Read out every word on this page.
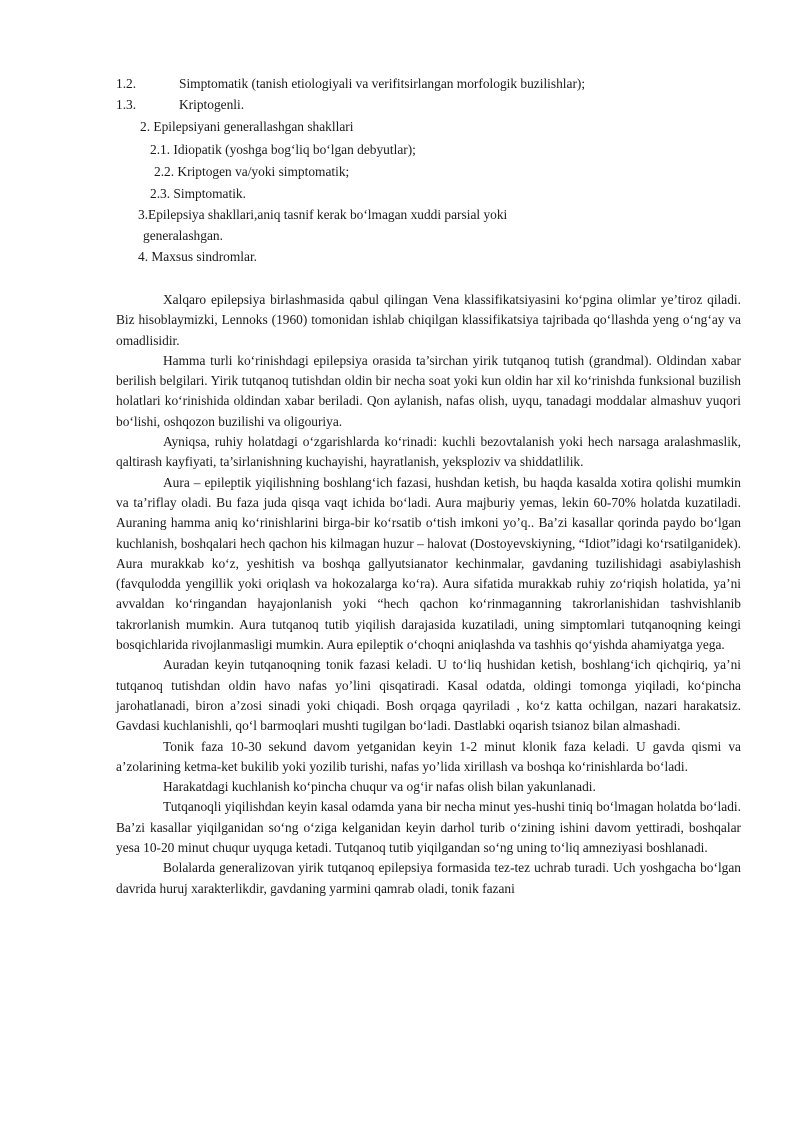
1.2.	Simptomatik (tanish etiologiyali va verifitsirlangan morfologik buzilishlar);
1.3.	Kriptogenli.
2. Epilepsiyani generallashgan shakllari
2.1. Idiopatik (yoshga bog‘liq bo‘lgan debyutlar);
2.2. Kriptogen va/yoki simptomatik;
2.3. Simptomatik.
3.Epilepsiya shakllari,aniq tasnif kerak bo‘lmagan xuddi parsial yoki
generalashgan.
4. Maxsus sindromlar.

Xalqaro epilepsiya birlashmasida qabul qilingan Vena klassifikatsiyasini ko‘pgina olimlar ye’tiroz qiladi. Biz hisoblaymizki, Lennoks (1960) tomonidan ishlab chiqilgan klassifikatsiya tajribada qo‘llashda yeng o‘ng‘ay va omadlisidir.

Hamma turli ko‘rinishdagi epilepsiya orasida ta’sirchan yirik tutqanoq tutish (grandmal). Oldindan xabar berilish belgilari. Yirik tutqanoq tutishdan oldin bir necha soat yoki kun oldin har xil ko‘rinishda funksional buzilish holatlari ko‘rinishida oldindan xabar beriladi. Qon aylanish, nafas olish, uyqu, tanadagi moddalar almashuv yuqori bo‘lishi, oshqozon buzilishi va oligouriya.

Ayniqsa, ruhiy holatdagi o‘zgarishlarda ko‘rinadi: kuchli bezovtalanish yoki hech narsaga aralashmaslik, qaltirash kayfiyati, ta’sirlanishning kuchayishi, hayratlanish, yeksploziv va shiddatlilik.

Aura – epileptik yiqilishning boshlang‘ich fazasi, hushdan ketish, bu haqda kasalda xotira qolishi mumkin va ta’riflay oladi. Bu faza juda qisqa vaqt ichida bo‘ladi. Aura majburiy yemas, lekin 60-70% holatda kuzatiladi. Auraning hamma aniq ko‘rinishlarini birga-bir ko‘rsatib o‘tish imkoni yo’q.. Ba’zi kasallar qorinda paydo bo‘lgan kuchlanish, boshqalari hech qachon his kilmagan huzur – halovat (Dostoyevskiyning, “Idiot”idagi ko‘rsatilganidek). Aura murakkab ko‘z, yeshitish va boshqa gallyutsianator kechinmalar, gavdaning tuzilishidagi asabiylashish (favqulodda yengillik yoki oriqlash va hokozalarga ko‘ra). Aura sifatida murakkab ruhiy zo‘riqish holatida, ya’ni avvaldan ko‘ringandan hayajonlanish yoki “hech qachon ko‘rinmaganning takrorlanishidan tashvishlanib takrorlanish mumkin. Aura tutqanoq tutib yiqilish darajasida kuzatiladi, uning simptomlari tutqanoqning keingi bosqichlarida rivojlanmasligi mumkin. Aura epileptik o‘choqni aniqlashda va tashhis qo‘yishda ahamiyatga yega.

Auradan keyin tutqanoqning tonik fazasi keladi. U to‘liq hushidan ketish, boshlang‘ich qichqiriq, ya’ni tutqanoq tutishdan oldin havo nafas yo’lini qisqatiradi. Kasal odatda, oldingi tomonga yiqiladi, ko‘pincha jarohatlanadi, biron a’zosi sinadi yoki chiqadi. Bosh orqaga qayriladi , ko‘z katta ochilgan, nazari harakatsiz. Gavdasi kuchlanishli, qo‘l barmoqlari mushti tugilgan bo‘ladi. Dastlabki oqarish tsianoz bilan almashadi.

Tonik faza 10-30 sekund davom yetganidan keyin 1-2 minut klonik faza keladi. U gavda qismi va a’zolarining ketma-ket bukilib yoki yozilib turishi, nafas yo’lida xirillash va boshqa ko‘rinishlarda bo‘ladi.

Harakatdagi kuchlanish ko‘pincha chuqur va og‘ir nafas olish bilan yakunlanadi.

Tutqanoqli yiqilishdan keyin kasal odamda yana bir necha minut yes-hushi tiniq bo‘lmagan holatda bo‘ladi. Ba’zi kasallar yiqilganidan so‘ng o‘ziga kelganidan keyin darhol turib o‘zining ishini davom yettiradi, boshqalar yesa 10-20 minut chuqur uyquga ketadi. Tutqanoq tutib yiqilgandan so‘ng uning to‘liq amneziyasi boshlanadi.

Bolalarda generalizovan yirik tutqanoq epilepsiya formasida tez-tez uchrab turadi. Uch yoshgacha bo‘lgan davrida huruj xarakterlikdir, gavdaning yarmini qamrab oladi, tonik fazani
